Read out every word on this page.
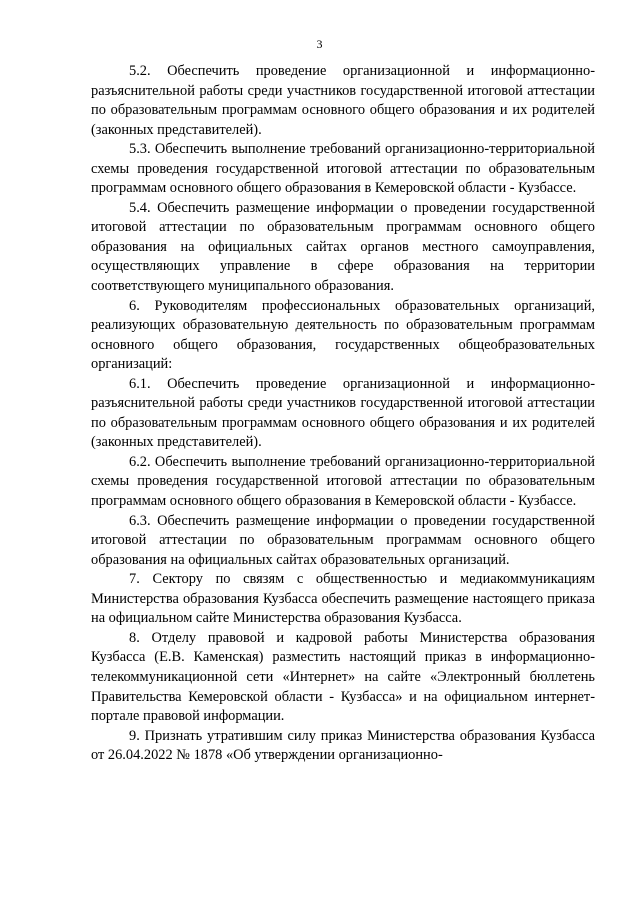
3

5.2. Обеспечить проведение организационной и информационно-разъяснительной работы среди участников государственной итоговой аттестации по образовательным программам основного общего образования и их родителей (законных представителей).

5.3. Обеспечить выполнение требований организационно-территориальной схемы проведения государственной итоговой аттестации по образовательным программам основного общего образования в Кемеровской области - Кузбассе.

5.4. Обеспечить размещение информации о проведении государственной итоговой аттестации по образовательным программам основного общего образования на официальных сайтах органов местного самоуправления, осуществляющих управление в сфере образования на территории соответствующего муниципального образования.

6. Руководителям профессиональных образовательных организаций, реализующих образовательную деятельность по образовательным программам основного общего образования, государственных общеобразовательных организаций:

6.1. Обеспечить проведение организационной и информационно-разъяснительной работы среди участников государственной итоговой аттестации по образовательным программам основного общего образования и их родителей (законных представителей).

6.2. Обеспечить выполнение требований организационно-территориальной схемы проведения государственной итоговой аттестации по образовательным программам основного общего образования в Кемеровской области - Кузбассе.

6.3. Обеспечить размещение информации о проведении государственной итоговой аттестации по образовательным программам основного общего образования на официальных сайтах образовательных организаций.

7. Сектору по связям с общественностью и медиакоммуникациям Министерства образования Кузбасса обеспечить размещение настоящего приказа на официальном сайте Министерства образования Кузбасса.

8. Отделу правовой и кадровой работы Министерства образования Кузбасса (Е.В. Каменская) разместить настоящий приказ в информационно-телекоммуникационной сети «Интернет» на сайте «Электронный бюллетень Правительства Кемеровской области - Кузбасса» и на официальном интернет-портале правовой информации.

9. Признать утратившим силу приказ Министерства образования Кузбасса от 26.04.2022 № 1878 «Об утверждении организационно-
